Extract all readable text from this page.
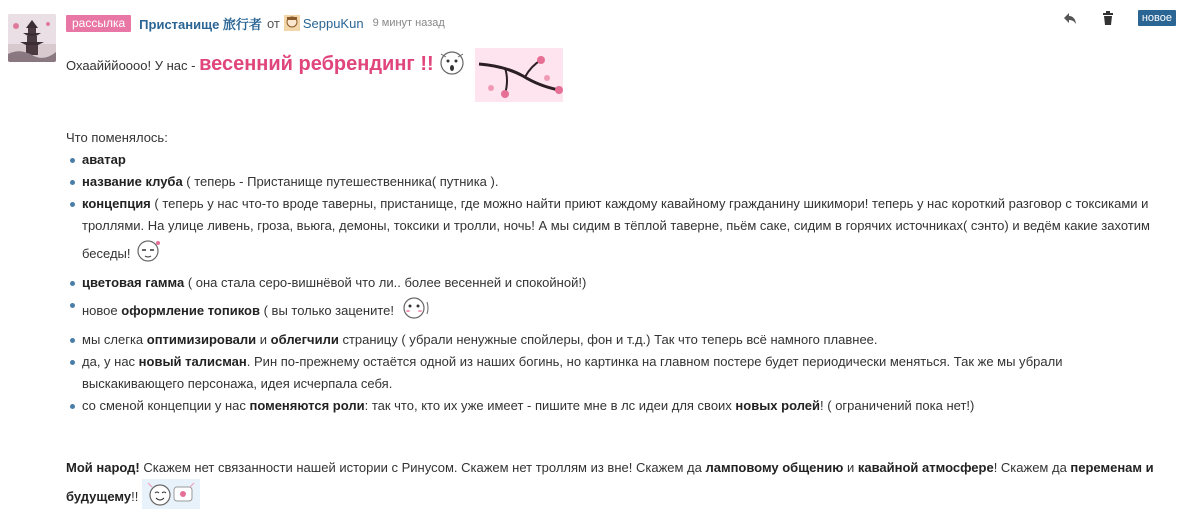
рассылка	Пристанище 旅行者 от SeppuKun 9 минут назад	новое
Охаайййоооо! У нас - весенний ребрендинг !!
Что поменялось:
аватар
название клуба ( теперь - Пристанище путешественника( путника ).
концепция ( теперь у нас что-то вроде таверны, пристанище, где можно найти приют каждому кавайному гражданину шикимори! теперь у нас короткий разговор с токсиками и троллями. На улице ливень, гроза, вьюга, демоны, токсики и тролли, ночь! А мы сидим в тёплой таверне, пьём саке, сидим в горячих источниках( сэнто) и ведём какие захотим беседы!
цветовая гамма ( она стала серо-вишнёвой что ли.. более весенней и спокойной!)
новое оформление топиков ( вы только зацените!
мы слегка оптимизировали и облегчили страницу ( убрали ненужные спойлеры, фон и т.д.) Так что теперь всё намного плавнее.
да, у нас новый талисман. Рин по-прежнему остаётся одной из наших богинь, но картинка на главном постере будет периодически меняться. Так же мы убрали выскакивающего персонажа, идея исчерпала себя.
со сменой концепции у нас поменяются роли: так что, кто их уже имеет - пишите мне в лс идеи для своих новых ролей! ( ограничений пока нет!)
Мой народ! Скажем нет связанности нашей истории с Ринусом. Скажем нет троллям из вне! Скажем да ламповому общению и кавайной атмосфере! Скажем да переменам и будущему!!
